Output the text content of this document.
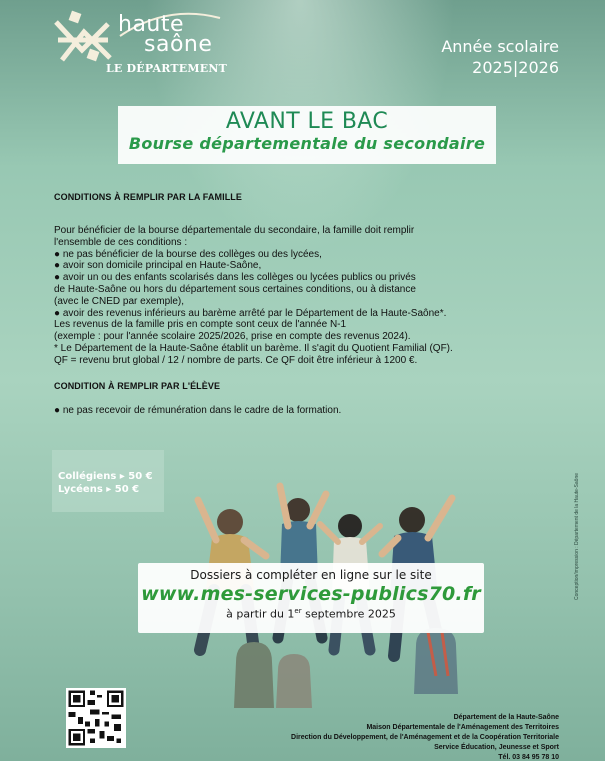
haute
saône
LE DÉPARTEMENT
Année scolaire
2025|2026
AVANT LE BAC
Bourse départementale du secondaire
CONDITIONS À REMPLIR PAR LA FAMILLE
Pour bénéficier de la bourse départementale du secondaire, la famille doit remplir
l'ensemble de ces conditions :
● ne pas bénéficier de la bourse des collèges ou des lycées,
● avoir son domicile principal en Haute-Saône,
● avoir un ou des enfants scolarisés dans les collèges ou lycées publics ou privés
de Haute-Saône ou hors du département sous certaines conditions, ou à distance
(avec le CNED par exemple),
● avoir des revenus inférieurs au barème arrêté par le Département de la Haute-Saône*.
Les revenus de la famille pris en compte sont ceux de l'année N-1
(exemple : pour l'année scolaire 2025/2026, prise en compte des revenus 2024).
* Le Département de la Haute-Saône établit un barème. Il s'agit du Quotient Familial (QF).
QF = revenu brut global / 12 / nombre de parts. Ce QF doit être inférieur à 1200 €.
CONDITION À REMPLIR PAR L'ÉLÈVE
● ne pas recevoir de rémunération dans le cadre de la formation.
Collégiens ▸ 50 €
Lycéens ▸ 50 €
Dossiers à compléter en ligne sur le site
www.mes-services-publics70.fr
à partir du 1er septembre 2025
Département de la Haute-Saône
Maison Départementale de l'Aménagement des Territoires
Direction du Développement, de l'Aménagement et de la Coopération Territoriale
Service Éducation, Jeunesse et Sport
Tél. 03 84 95 78 10
Conception/impression : Département de la Haute-Saône
